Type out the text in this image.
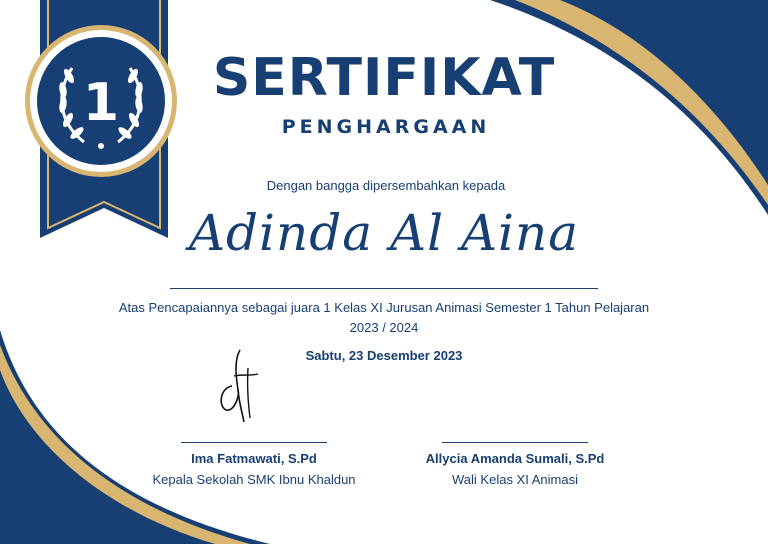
1	SERTIFIKAT
PENGHARGAAN
Dengan bangga dipersembahkan kepada
Adinda Al Aina
Atas Pencapaiannya sebagai juara 1 Kelas XI Jurusan Animasi Semester 1 Tahun Pelajaran
2023 / 2024
Sabtu, 23 Desember 2023
Ima Fatmawati, S.Pd
Kepala Sekolah SMK Ibnu Khaldun
Allycia Amanda Sumali, S.Pd
Wali Kelas XI Animasi
